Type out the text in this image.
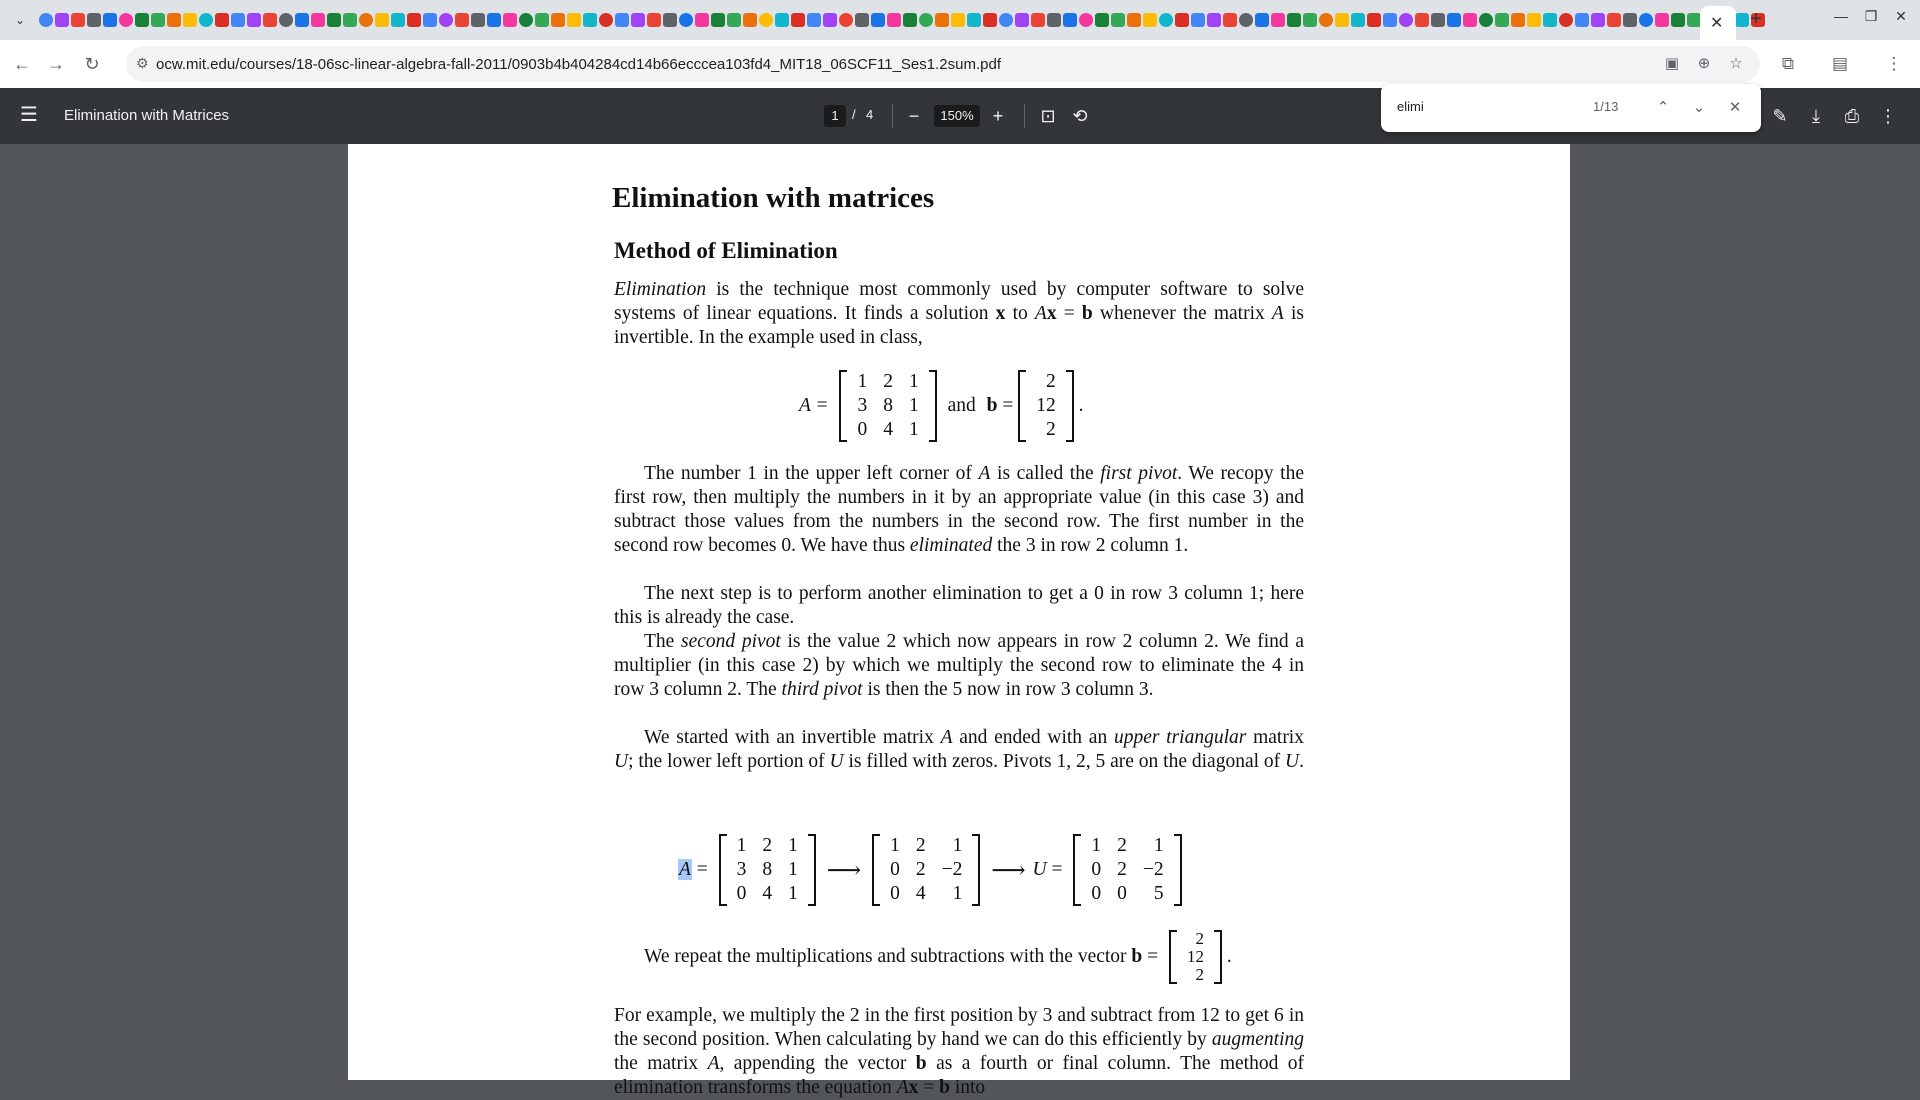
⌄	✕	+	—	❐	✕
← →	↻	⚙ ocw.mit.edu/courses/18-06sc-linear-algebra-fall-2011/0903b4b404284cd14b66ecccea103fd4_MIT18_06SCF11_Ses1.2sum.pdf	▣	⊕	☆	⧉	▤	⋮
☰ Elimination with Matrices	1	/ 4	−	150%	+	⊡ ⟲	✎	⤓	⎙	⋮
elimi	1/13	⌃	⌄	✕
Elimination with matrices
Method of Elimination
Elimination is the technique most commonly used by computer software to solve systems of linear equations. It finds a solution x to Ax = b whenever the matrix A is invertible. In the example used in class,
A =
1	2	1
3	8	1
0	4	1
and b =
2
12
2
.
The number 1 in the upper left corner of A is called the first pivot. We recopy the first row, then multiply the numbers in it by an appropriate value (in this case 3) and subtract those values from the numbers in the second row. The first number in the second row becomes 0. We have thus eliminated the 3 in row 2 column 1.
The next step is to perform another elimination to get a 0 in row 3 column 1; here this is already the case.
The second pivot is the value 2 which now appears in row 2 column 2. We find a multiplier (in this case 2) by which we multiply the second row to eliminate the 4 in row 3 column 2. The third pivot is then the 5 now in row 3 column 3.
We started with an invertible matrix A and ended with an upper triangular matrix U; the lower left portion of U is filled with zeros. Pivots 1, 2, 5 are on the diagonal of U.
A =
1	2	1
3	8	1
0	4	1
⟶
1	2	1
0	2	−2
0	4	1
⟶ U =
1	2	1
0	2	−2
0	0	5
We repeat the multiplications and subtractions with the vector b =
2
12
2
.
For example, we multiply the 2 in the first position by 3 and subtract from 12 to get 6 in the second position. When calculating by hand we can do this efficiently by augmenting the matrix A, appending the vector b as a fourth or final column. The method of elimination transforms the equation Ax = b into
